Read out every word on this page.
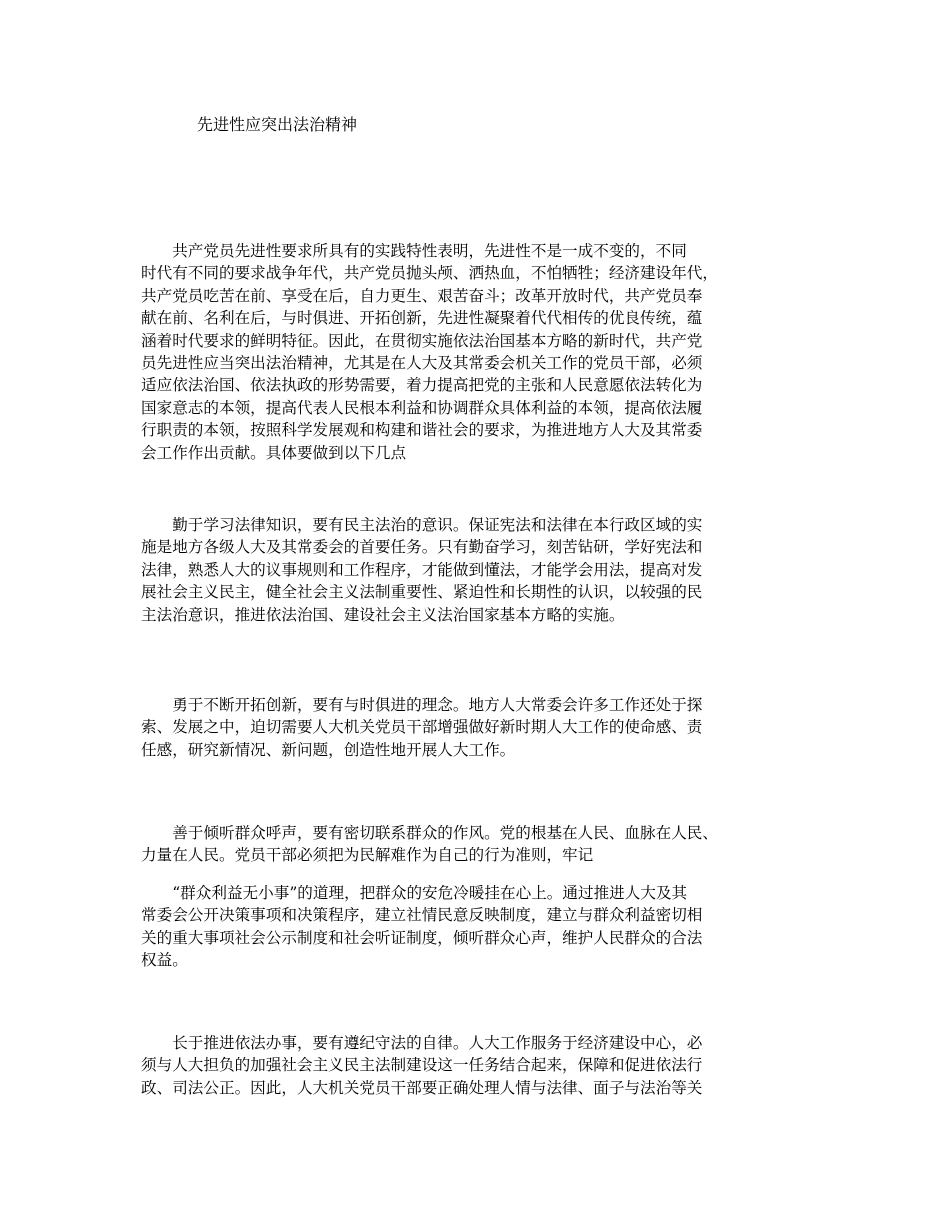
先进性应突出法治精神
　　共产党员先进性要求所具有的实践特性表明，先进性不是一成不变的，不同
时代有不同的要求战争年代，共产党员抛头颅、洒热血，不怕牺牲；经济建设年代，
共产党员吃苦在前、享受在后，自力更生、艰苦奋斗；改革开放时代，共产党员奉
献在前、名利在后，与时俱进、开拓创新，先进性凝聚着代代相传的优良传统，蕴
涵着时代要求的鲜明特征。因此，在贯彻实施依法治国基本方略的新时代，共产党
员先进性应当突出法治精神，尤其是在人大及其常委会机关工作的党员干部，必须
适应依法治国、依法执政的形势需要，着力提高把党的主张和人民意愿依法转化为
国家意志的本领，提高代表人民根本利益和协调群众具体利益的本领，提高依法履
行职责的本领，按照科学发展观和构建和谐社会的要求，为推进地方人大及其常委
会工作作出贡献。具体要做到以下几点
　　勤于学习法律知识，要有民主法治的意识。保证宪法和法律在本行政区域的实
施是地方各级人大及其常委会的首要任务。只有勤奋学习，刻苦钻研，学好宪法和
法律，熟悉人大的议事规则和工作程序，才能做到懂法，才能学会用法，提高对发
展社会主义民主，健全社会主义法制重要性、紧迫性和长期性的认识，以较强的民
主法治意识，推进依法治国、建设社会主义法治国家基本方略的实施。
　　勇于不断开拓创新，要有与时俱进的理念。地方人大常委会许多工作还处于探
索、发展之中，迫切需要人大机关党员干部增强做好新时期人大工作的使命感、责
任感，研究新情况、新问题，创造性地开展人大工作。
　　善于倾听群众呼声，要有密切联系群众的作风。党的根基在人民、血脉在人民、
力量在人民。党员干部必须把为民解难作为自己的行为准则，牢记
　　“群众利益无小事”的道理，把群众的安危冷暖挂在心上。通过推进人大及其
常委会公开决策事项和决策程序，建立社情民意反映制度，建立与群众利益密切相
关的重大事项社会公示制度和社会听证制度，倾听群众心声，维护人民群众的合法
权益。
　　长于推进依法办事，要有遵纪守法的自律。人大工作服务于经济建设中心，必
须与人大担负的加强社会主义民主法制建设这一任务结合起来，保障和促进依法行
政、司法公正。因此，人大机关党员干部要正确处理人情与法律、面子与法治等关
